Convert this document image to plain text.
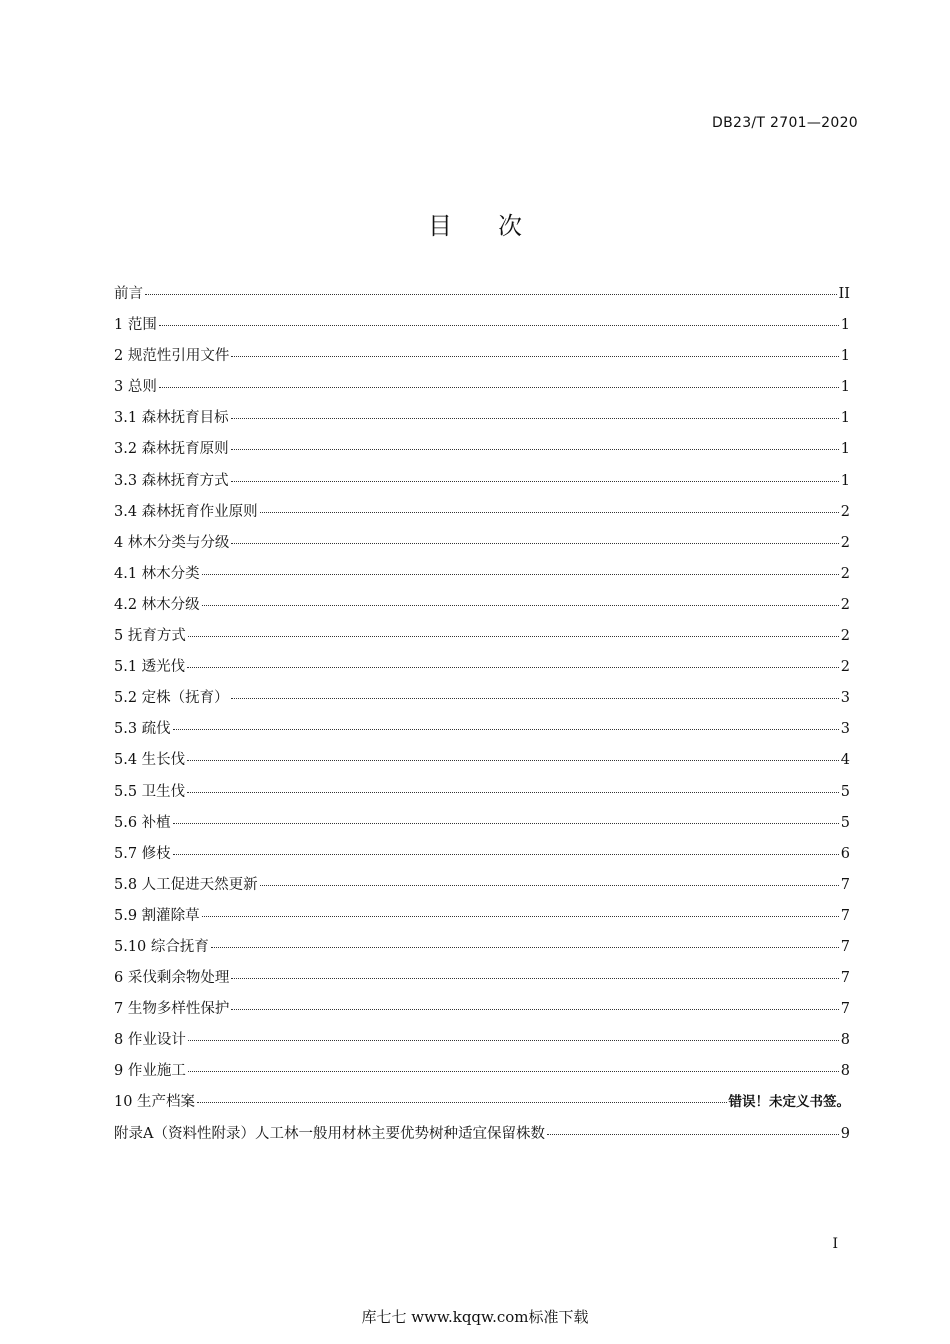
DB23/T 2701—2020
目次
前言	II
1 范围	1
2 规范性引用文件	1
3 总则	1
3.1 森林抚育目标	1
3.2 森林抚育原则	1
3.3 森林抚育方式	1
3.4 森林抚育作业原则	2
4 林木分类与分级	2
4.1 林木分类	2
4.2 林木分级	2
5 抚育方式	2
5.1 透光伐	2
5.2 定株（抚育）	3
5.3 疏伐	3
5.4 生长伐	4
5.5 卫生伐	5
5.6 补植	5
5.7 修枝	6
5.8 人工促进天然更新	7
5.9 割灌除草	7
5.10 综合抚育	7
6 采伐剩余物处理	7
7 生物多样性保护	7
8 作业设计	8
9 作业施工	8
10 生产档案	错误！未定义书签。
附录A（资料性附录）人工林一般用材林主要优势树种适宜保留株数	9
I
库七七 www.kqqw.com标准下载
